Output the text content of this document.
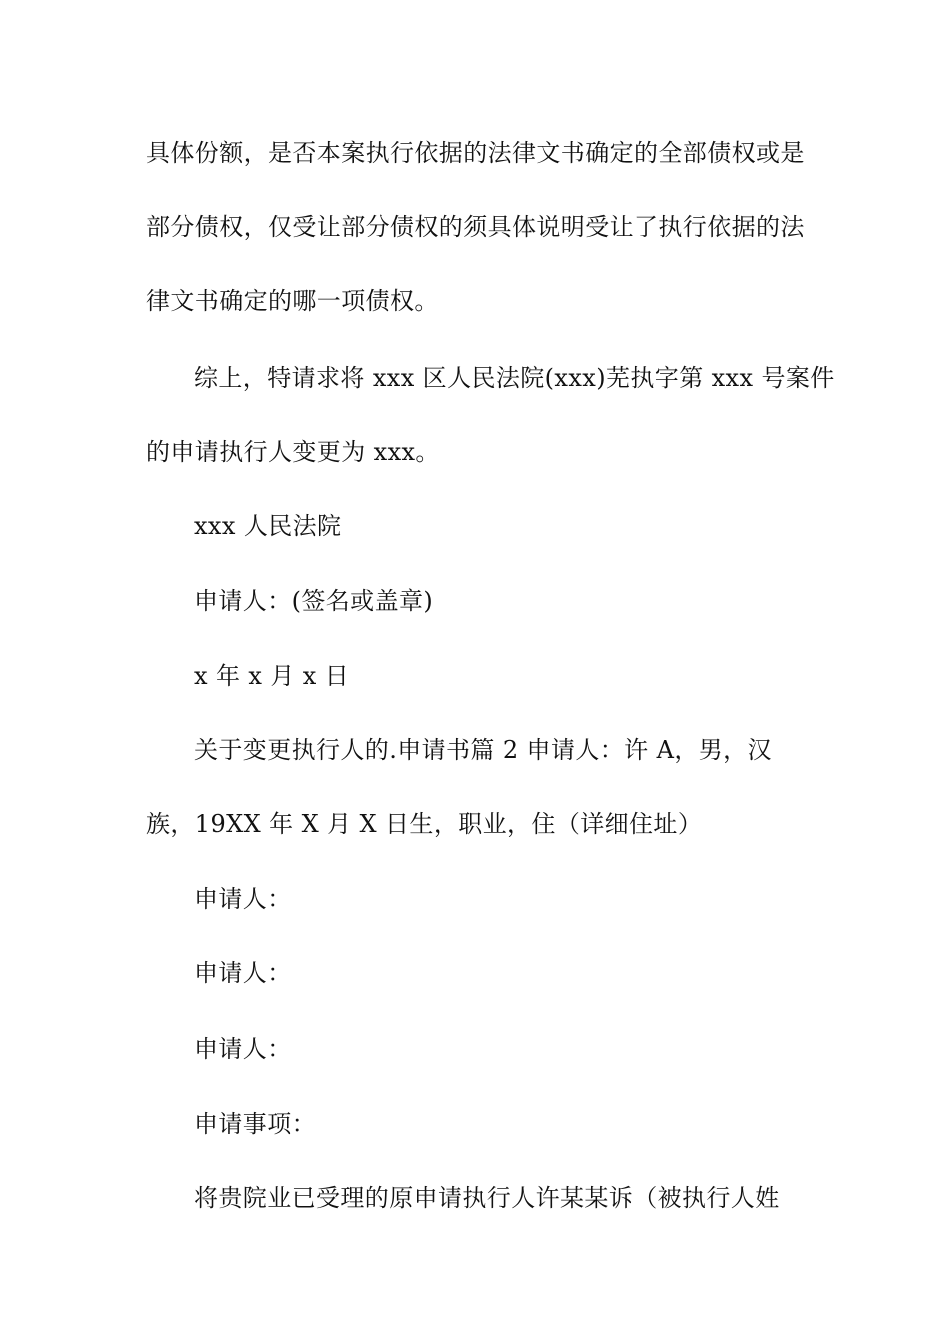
具体份额，是否本案执行依据的法律文书确定的全部债权或是
部分债权，仅受让部分债权的须具体说明受让了执行依据的法
律文书确定的哪一项债权。
综上，特请求将 xxx 区人民法院(xxx)芜执字第 xxx 号案件
的申请执行人变更为 xxx。
xxx 人民法院
申请人：(签名或盖章)
x 年 x 月 x 日
关于变更执行人的.申请书篇 2 申请人：许 A，男，汉
族，19XX 年 X 月 X 日生，职业，住（详细住址）
申请人：
申请人：
申请人：
申请事项：
将贵院业已受理的原申请执行人许某某诉（被执行人姓
